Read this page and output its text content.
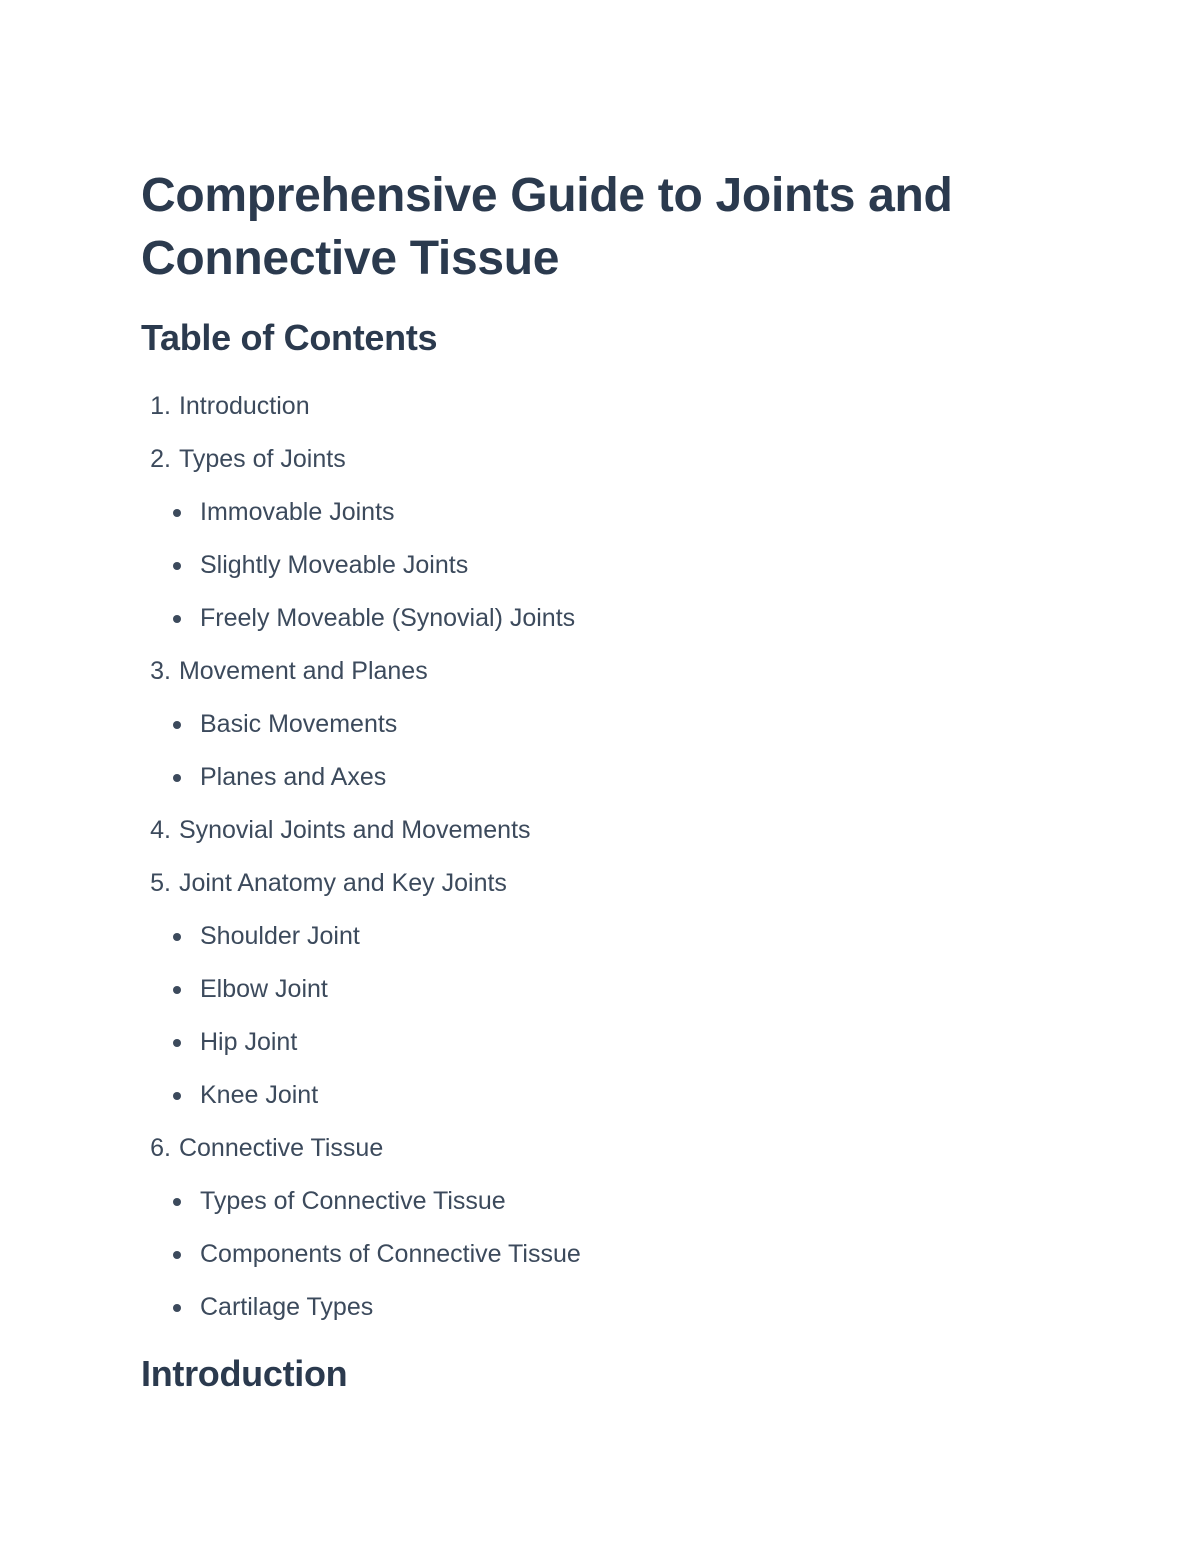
Comprehensive Guide to Joints and
Connective Tissue
Table of Contents
1. Introduction
2. Types of Joints
Immovable Joints
Slightly Moveable Joints
Freely Moveable (Synovial) Joints
3. Movement and Planes
Basic Movements
Planes and Axes
4. Synovial Joints and Movements
5. Joint Anatomy and Key Joints
Shoulder Joint
Elbow Joint
Hip Joint
Knee Joint
6. Connective Tissue
Types of Connective Tissue
Components of Connective Tissue
Cartilage Types
Introduction
